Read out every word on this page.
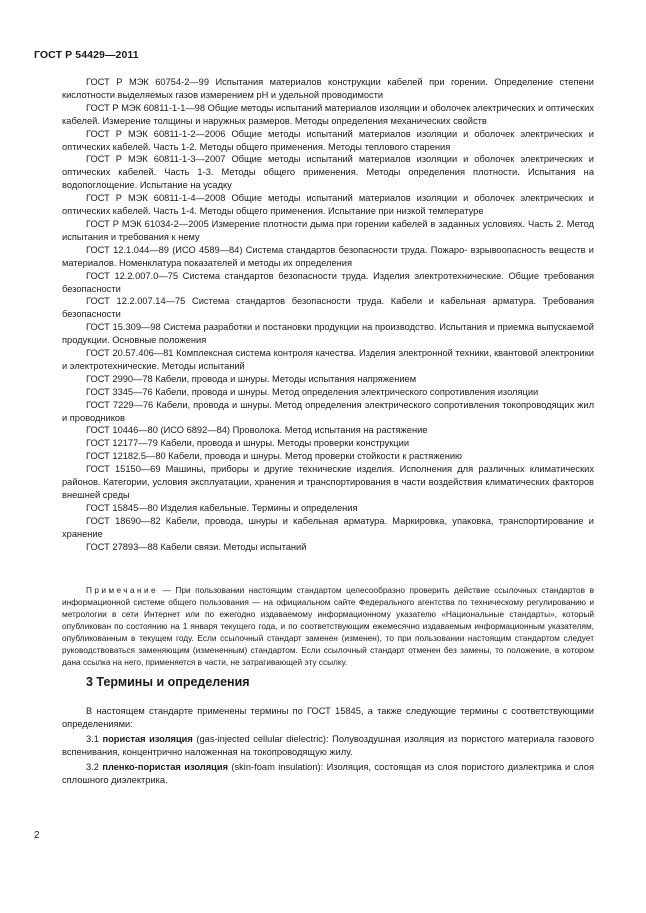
ГОСТ Р 54429—2011

ГОСТ Р МЭК 60754-2—99 Испытания материалов конструкции кабелей при горении. Определение степени кислотности выделяемых газов измерением pH и удельной проводимости

ГОСТ Р МЭК 60811-1-1—98 Общие методы испытаний материалов изоляции и оболочек электрических и оптических кабелей. Измерение толщины и наружных размеров. Методы определения механических свойств

ГОСТ Р МЭК 60811-1-2—2006 Общие методы испытаний материалов изоляции и оболочек электрических и оптических кабелей. Часть 1-2. Методы общего применения. Методы теплового старения

ГОСТ Р МЭК 60811-1-3—2007 Общие методы испытаний материалов изоляции и оболочек электрических и оптических кабелей. Часть 1-3. Методы общего применения. Методы определения плотности. Испытания на водопоглощение. Испытание на усадку

ГОСТ Р МЭК 60811-1-4—2008 Общие методы испытаний материалов изоляции и оболочек электрических и оптических кабелей. Часть 1-4. Методы общего применения. Испытание при низкой температуре

ГОСТ Р МЭК 61034-2—2005 Измерение плотности дыма при горении кабелей в заданных условиях. Часть 2. Метод испытания и требования к нему

ГОСТ 12.1.044—89 (ИСО 4589—84) Система стандартов безопасности труда. Пожаро- взрывоопасность веществ и материалов. Номенклатура показателей и методы их определения

ГОСТ 12.2.007.0—75 Система стандартов безопасности труда. Изделия электротехнические. Общие требования безопасности

ГОСТ 12.2.007.14—75 Система стандартов безопасности труда. Кабели и кабельная арматура. Требования безопасности

ГОСТ 15.309—98 Система разработки и постановки продукции на производство. Испытания и приемка выпускаемой продукции. Основные положения

ГОСТ 20.57.406—81 Комплексная система контроля качества. Изделия электронной техники, квантовой электроники и электротехнические. Методы испытаний

ГОСТ 2990—78 Кабели, провода и шнуры. Методы испытания напряжением

ГОСТ 3345—76 Кабели, провода и шнуры. Метод определения электрического сопротивления изоляции

ГОСТ 7229—76 Кабели, провода и шнуры. Метод определения электрического сопротивления токопроводящих жил и проводников

ГОСТ 10446—80 (ИСО 6892—84) Проволока. Метод испытания на растяжение

ГОСТ 12177—79 Кабели, провода и шнуры. Методы проверки конструкции

ГОСТ 12182.5—80 Кабели, провода и шнуры. Метод проверки стойкости к растяжению

ГОСТ 15150—69 Машины, приборы и другие технические изделия. Исполнения для различных климатических районов. Категории, условия эксплуатации, хранения и транспортирования в части воздействия климатических факторов внешней среды

ГОСТ 15845—80 Изделия кабельные. Термины и определения

ГОСТ 18690—82 Кабели, провода, шнуры и кабельная арматура. Маркировка, упаковка, транспортирование и хранение

ГОСТ 27893—88 Кабели связи. Методы испытаний

Примечание — При пользовании настоящим стандартом целесообразно проверить действие ссылочных стандартов в информационной системе общего пользования — на официальном сайте Федерального агентства по техническому регулированию и метрологии в сети Интернет или по ежегодно издаваемому информационному указателю «Национальные стандарты», который опубликован по состоянию на 1 января текущего года, и по соответствующим ежемесячно издаваемым информационным указателям, опубликованным в текущем году. Если ссылочный стандарт заменен (изменен), то при пользовании настоящим стандартом следует руководствоваться заменяющим (измененным) стандартом. Если ссылочный стандарт отменен без замены, то положение, в котором дана ссылка на него, применяется в части, не затрагивающей эту ссылку.

3 Термины и определения

В настоящем стандарте применены термины по ГОСТ 15845, а также следующие термины с соответствующими определениями:

3.1 пористая изоляция (gas-injected cellular dielectric): Полувоздушная изоляция из пористого материала газового вспенивания, концентрично наложенная на токопроводящую жилу.

3.2 пленко-пористая изоляция (skin-foam insulation): Изоляция, состоящая из слоя пористого диэлектрика и слоя сплошного диэлектрика.

2
